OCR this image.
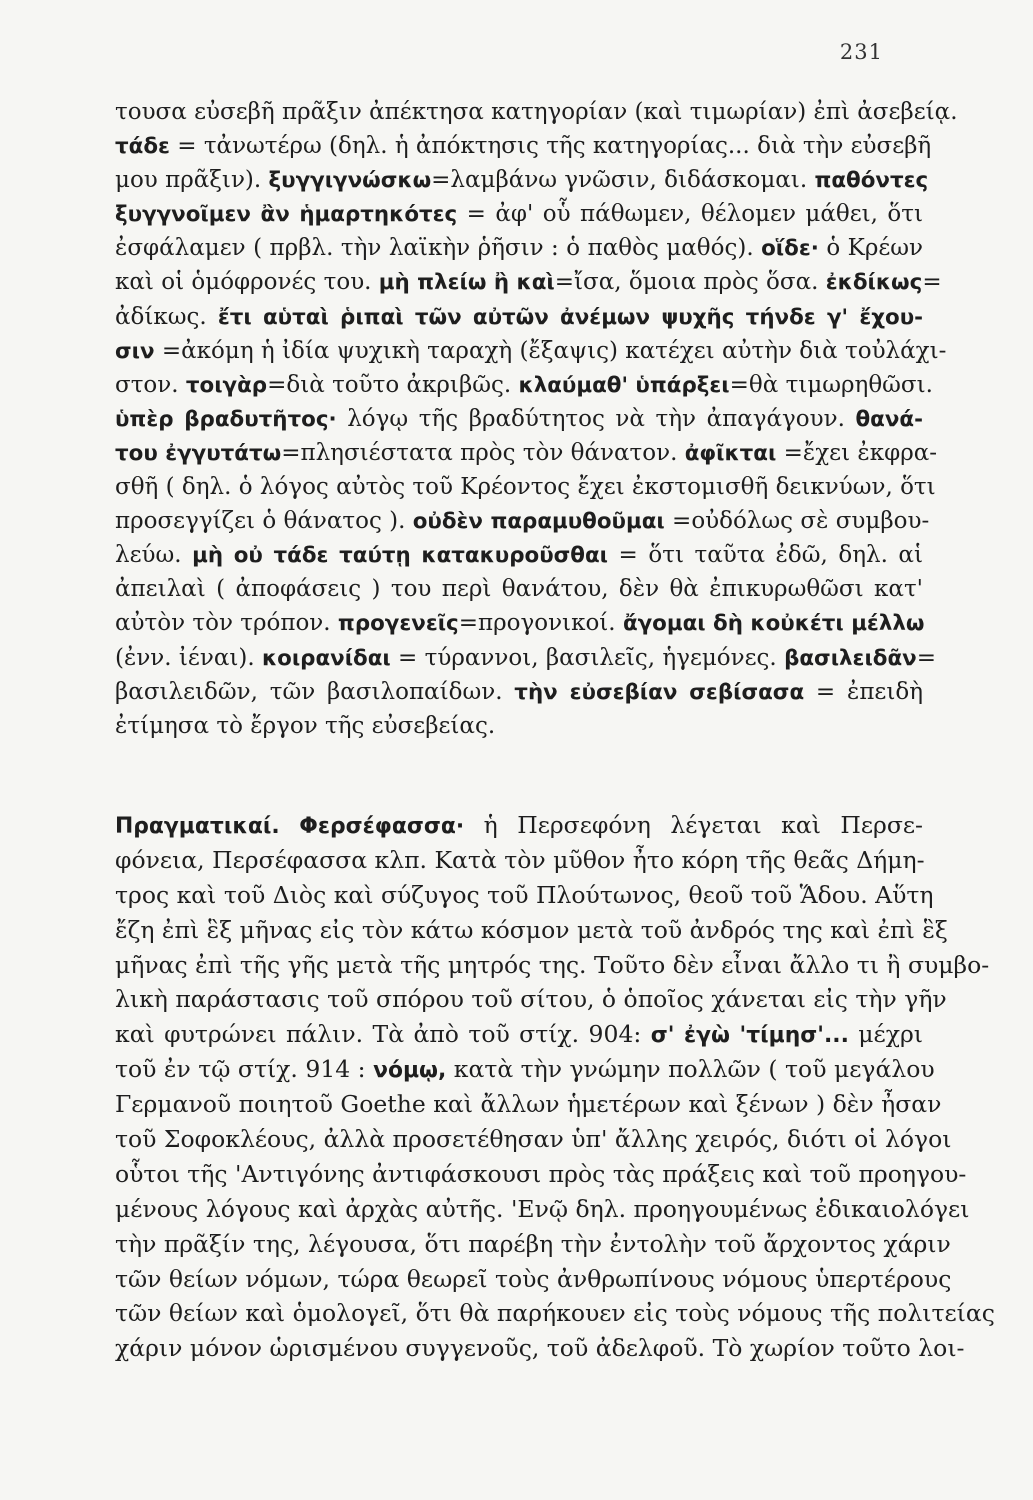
231
τουσα εὐσεβῆ πρᾶξιν ἀπέκτησα κατηγορίαν (καὶ τιμωρίαν) ἐπὶ ἀσεβείᾳ.
τάδε = τἀνωτέρω (δηλ. ἡ ἀπόκτησις τῆς κατηγορίας... διὰ τὴν εὐσεβῆ
μου πρᾶξιν). ξυγγιγνώσκω=λαμβάνω γνῶσιν, διδάσκομαι. παθόντες
ξυγγνοῖμεν ἂν ἡμαρτηκότες = ἀφ' οὗ πάθωμεν, θέλομεν μάθει, ὅτι
ἐσφάλαμεν ( πρβλ. τὴν λαϊκὴν ῥῆσιν : ὁ παθὸς μαθός). οἵδε· ὁ Κρέων
καὶ οἱ ὁμόφρονές του. μὴ πλείω ἢ καὶ=ἴσα, ὅμοια πρὸς ὅσα. ἐκδίκως=
ἀδίκως. ἔτι αὑταὶ ῥιπαὶ τῶν αὐτῶν ἀνέμων ψυχῆς τήνδε γ' ἔχου-
σιν =ἀκόμη ἡ ἰδία ψυχικὴ ταραχὴ (ἔξαψις) κατέχει αὐτὴν διὰ τοὐλάχι-
στον. τοιγὰρ=διὰ τοῦτο ἀκριβῶς. κλαύμαθ' ὑπάρξει=θὰ τιμωρηθῶσι.
ὑπὲρ βραδυτῆτος· λόγῳ τῆς βραδύτητος νὰ τὴν ἀπαγάγουν. θανά-
του ἐγγυτάτω=πλησιέστατα πρὸς τὸν θάνατον. ἀφῖκται =ἔχει ἐκφρα-
σθῆ ( δηλ. ὁ λόγος αὐτὸς τοῦ Κρέοντος ἔχει ἐκστομισθῆ δεικνύων, ὅτι
προσεγγίζει ὁ θάνατος ). οὐδὲν παραμυθοῦμαι =οὐδόλως σὲ συμβου-
λεύω. μὴ οὐ τάδε ταύτῃ κατακυροῦσθαι = ὅτι ταῦτα ἐδῶ, δηλ. αἱ
ἀπειλαὶ ( ἀποφάσεις ) του περὶ θανάτου, δὲν θὰ ἐπικυρωθῶσι κατ'
αὐτὸν τὸν τρόπον. προγενεῖς=προγονικοί. ἄγομαι δὴ κοὐκέτι μέλλω
(ἐνν. ἰέναι). κοιρανίδαι = τύραννοι, βασιλεῖς, ἡγεμόνες. βασιλειδᾶν=
βασιλειδῶν, τῶν βασιλοπαίδων. τὴν εὐσεβίαν σεβίσασα = ἐπειδὴ
ἐτίμησα τὸ ἔργον τῆς εὐσεβείας.
Πραγματικαί. Φερσέφασσα· ἡ Περσεφόνη λέγεται καὶ Περσε-
φόνεια, Περσέφασσα κλπ. Κατὰ τὸν μῦθον ἦτο κόρη τῆς θεᾶς Δήμη-
τρος καὶ τοῦ Διὸς καὶ σύζυγος τοῦ Πλούτωνος, θεοῦ τοῦ Ἅδου. Αὕτη
ἔζη ἐπὶ ἓξ μῆνας εἰς τὸν κάτω κόσμον μετὰ τοῦ ἀνδρός της καὶ ἐπὶ ἓξ
μῆνας ἐπὶ τῆς γῆς μετὰ τῆς μητρός της. Τοῦτο δὲν εἶναι ἄλλο τι ἢ συμβο-
λικὴ παράστασις τοῦ σπόρου τοῦ σίτου, ὁ ὁποῖος χάνεται εἰς τὴν γῆν
καὶ φυτρώνει πάλιν. Τὰ ἀπὸ τοῦ στίχ. 904: σ' ἐγὼ 'τίμησ'... μέχρι
τοῦ ἐν τῷ στίχ. 914 : νόμῳ, κατὰ τὴν γνώμην πολλῶν ( τοῦ μεγάλου
Γερμανοῦ ποιητοῦ Goethe καὶ ἄλλων ἡμετέρων καὶ ξένων ) δὲν ἦσαν
τοῦ Σοφοκλέους, ἀλλὰ προσετέθησαν ὑπ' ἄλλης χειρός, διότι οἱ λόγοι
οὗτοι τῆς 'Αντιγόνης ἀντιφάσκουσι πρὸς τὰς πράξεις καὶ τοῦ προηγου-
μένους λόγους καὶ ἀρχὰς αὐτῆς. 'Ενῷ δηλ. προηγουμένως ἐδικαιολόγει
τὴν πρᾶξίν της, λέγουσα, ὅτι παρέβη τὴν ἐντολὴν τοῦ ἄρχοντος χάριν
τῶν θείων νόμων, τώρα θεωρεῖ τοὺς ἀνθρωπίνους νόμους ὑπερτέρους
τῶν θείων καὶ ὁμολογεῖ, ὅτι θὰ παρήκουεν εἰς τοὺς νόμους τῆς πολιτείας
χάριν μόνον ὡρισμένου συγγενοῦς, τοῦ ἀδελφοῦ. Τὸ χωρίον τοῦτο λοι-
